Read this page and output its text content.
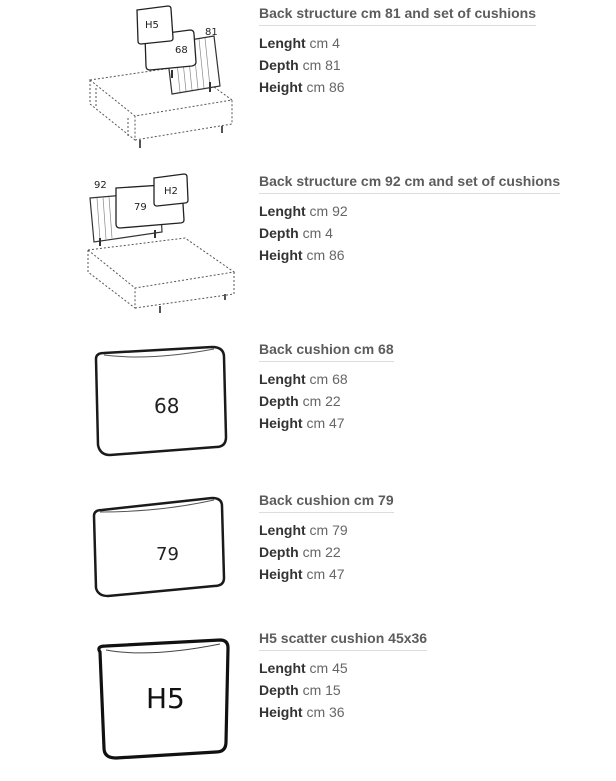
H5
68
81
Back structure cm 81 and set of cushions
Lenght cm 4
Depth cm 81
Height cm 86
92
79
H2
Back structure cm 92 cm and set of cushions
Lenght cm 92
Depth cm 4
Height cm 86
68
Back cushion cm 68
Lenght cm 68
Depth cm 22
Height cm 47
79
Back cushion cm 79
Lenght cm 79
Depth cm 22
Height cm 47
H5
H5 scatter cushion 45x36
Lenght cm 45
Depth cm 15
Height cm 36
